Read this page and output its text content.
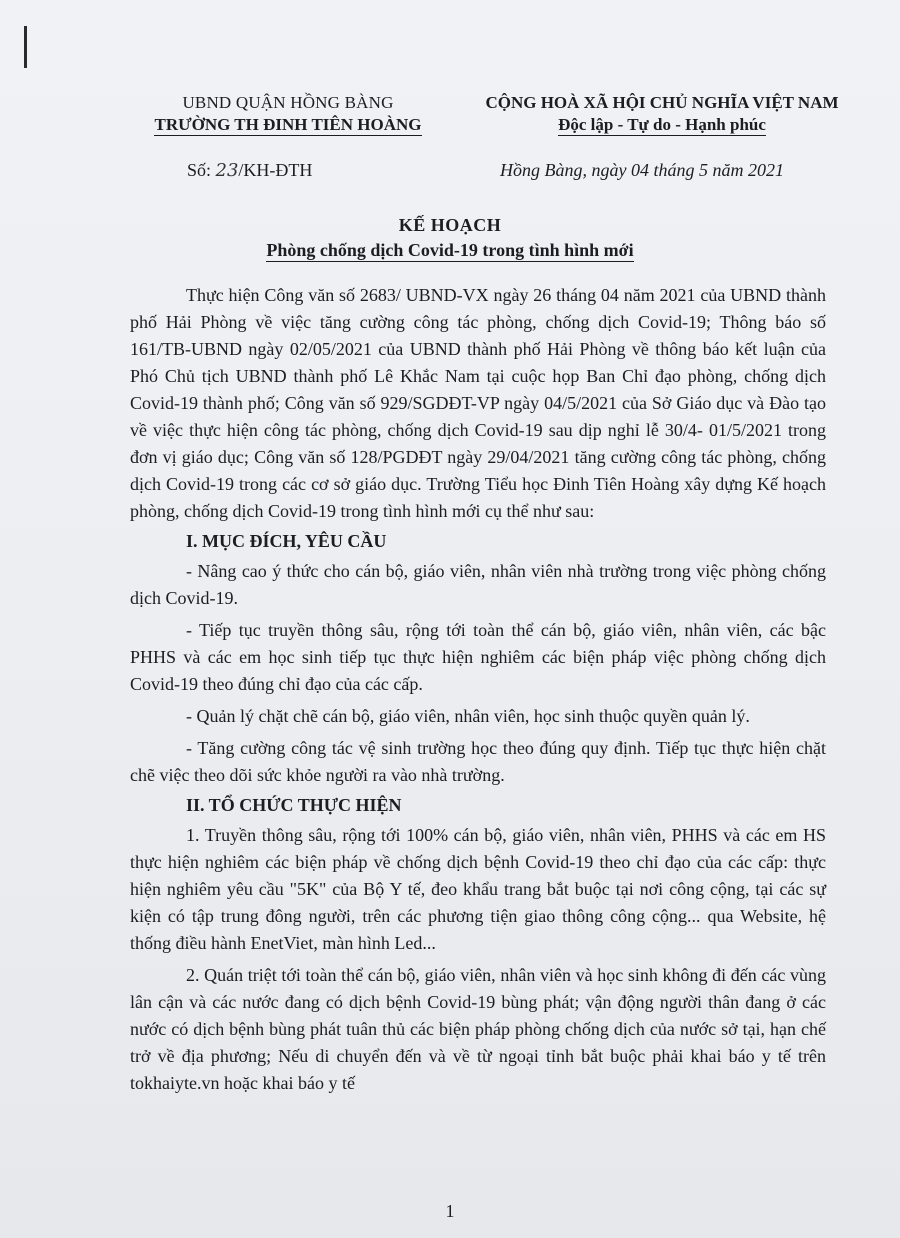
UBND QUẬN HỒNG BÀNG
TRƯỜNG TH ĐINH TIÊN HOÀNG
CỘNG HOÀ XÃ HỘI CHỦ NGHĨA VIỆT NAM
Độc lập - Tự do - Hạnh phúc
Số: 23/KH-ĐTH	Hồng Bàng, ngày 04 tháng 5 năm 2021
KẾ HOẠCH
Phòng chống dịch Covid-19 trong tình hình mới

Thực hiện Công văn số 2683/ UBND-VX ngày 26 tháng 04 năm 2021 của UBND thành phố Hải Phòng về việc tăng cường công tác phòng, chống dịch Covid-19; Thông báo số 161/TB-UBND ngày 02/05/2021 của UBND thành phố Hải Phòng về thông báo kết luận của Phó Chủ tịch UBND thành phố Lê Khắc Nam tại cuộc họp Ban Chỉ đạo phòng, chống dịch Covid-19 thành phố; Công văn số 929/SGDĐT-VP ngày 04/5/2021 của Sở Giáo dục và Đào tạo về việc thực hiện công tác phòng, chống dịch Covid-19 sau dịp nghỉ lễ 30/4- 01/5/2021 trong đơn vị giáo dục; Công văn số 128/PGDĐT ngày 29/04/2021 tăng cường công tác phòng, chống dịch Covid-19 trong các cơ sở giáo dục. Trường Tiểu học Đinh Tiên Hoàng xây dựng Kế hoạch phòng, chống dịch Covid-19 trong tình hình mới cụ thể như sau:

I. MỤC ĐÍCH, YÊU CẦU

- Nâng cao ý thức cho cán bộ, giáo viên, nhân viên nhà trường trong việc phòng chống dịch Covid-19.

- Tiếp tục truyền thông sâu, rộng tới toàn thể cán bộ, giáo viên, nhân viên, các bậc PHHS và các em học sinh tiếp tục thực hiện nghiêm các biện pháp việc phòng chống dịch Covid-19 theo đúng chỉ đạo của các cấp.

- Quản lý chặt chẽ cán bộ, giáo viên, nhân viên, học sinh thuộc quyền quản lý.

- Tăng cường công tác vệ sinh trường học theo đúng quy định. Tiếp tục thực hiện chặt chẽ việc theo dõi sức khỏe người ra vào nhà trường.

II. TỔ CHỨC THỰC HIỆN

1. Truyền thông sâu, rộng tới 100% cán bộ, giáo viên, nhân viên, PHHS và các em HS thực hiện nghiêm các biện pháp về chống dịch bệnh Covid-19 theo chỉ đạo của các cấp: thực hiện nghiêm yêu cầu "5K" của Bộ Y tế, đeo khẩu trang bắt buộc tại nơi công cộng, tại các sự kiện có tập trung đông người, trên các phương tiện giao thông công cộng... qua Website, hệ thống điều hành EnetViet, màn hình Led...

2. Quán triệt tới toàn thể cán bộ, giáo viên, nhân viên và học sinh không đi đến các vùng lân cận và các nước đang có dịch bệnh Covid-19 bùng phát; vận động người thân đang ở các nước có dịch bệnh bùng phát tuân thủ các biện pháp phòng chống dịch của nước sở tại, hạn chế trở về địa phương; Nếu di chuyển đến và về từ ngoại tỉnh bắt buộc phải khai báo y tế trên tokhaiyte.vn hoặc khai báo y tế

1
